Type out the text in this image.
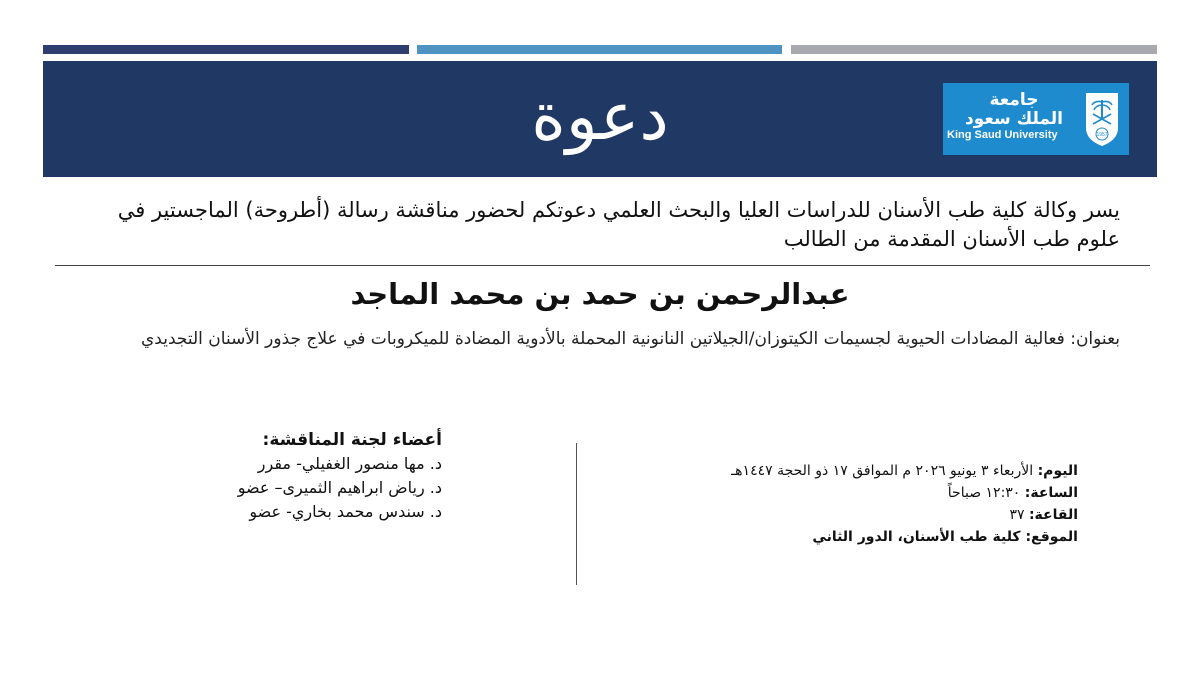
دعوة	جامعة
الملك سعود
King Saud University	1957
يسر وكالة كلية طب الأسنان للدراسات العليا والبحث العلمي دعوتكم لحضور مناقشة رسالة (أطروحة) الماجستير في علوم طب الأسنان المقدمة من الطالب
عبدالرحمن بن حمد بن محمد الماجد
بعنوان: فعالية المضادات الحيوية لجسيمات الكيتوزان/الجيلاتين النانونية المحملة بالأدوية المضادة للميكروبات في علاج جذور الأسنان التجديدي
أعضاء لجنة المناقشة:
د. مها منصور الغفيلي- مقرر
د. رياض ابراهيم الثميرى– عضو
د. سندس محمد بخاري- عضو
اليوم: الأربعاء ٣ يونيو ٢٠٢٦ م الموافق ١٧ ذو الحجة ١٤٤٧هـ
الساعة: ١٢:٣٠ صباحاً
القاعة: ٣٧
الموقع: كلية طب الأسنان، الدور الثاني
